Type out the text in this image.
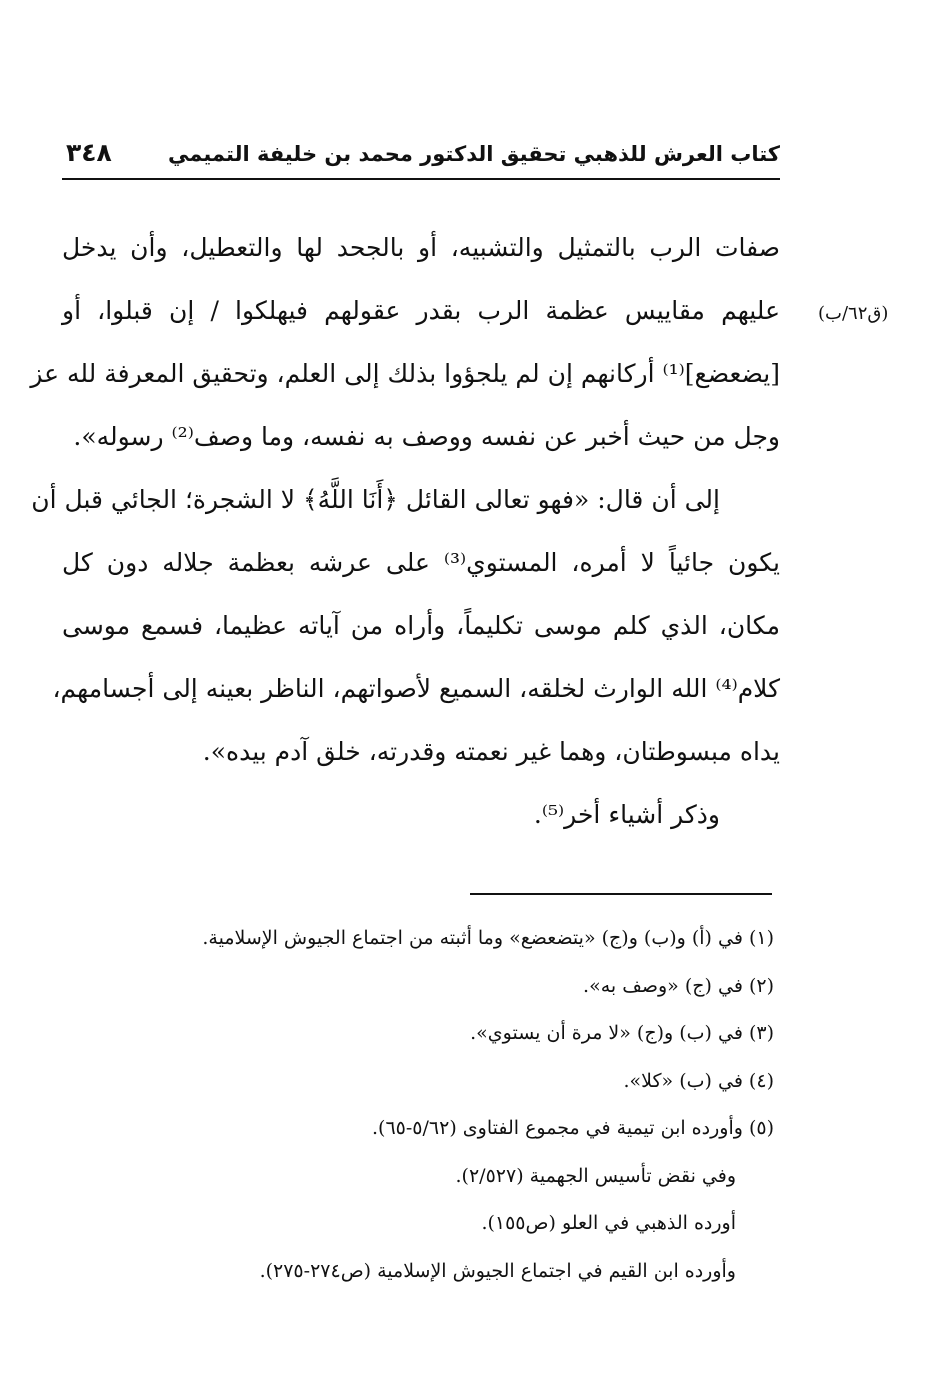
كتاب العرش للذهبي تحقيق الدكتور محمد بن خليفة التميمي
٣٤٨
(ق٦٢/ب)
صفات الرب بالتمثيل والتشبيه، أو بالجحد لها والتعطيل، وأن يدخل
عليهم مقاييس عظمة الرب بقدر عقولهم فيهلكوا / إن قبلوا، أو
[يضعضع]⁽¹⁾ أركانهم إن لم يلجؤوا بذلك إلى العلم، وتحقيق المعرفة لله عز
وجل من حيث أخبر عن نفسه ووصف به نفسه، وما وصف⁽²⁾ رسوله».
إلى أن قال: «فهو تعالى القائل ﴿أَنَا اللَّهُ﴾ لا الشجرة؛ الجائي قبل أن
يكون جائياً لا أمره، المستوي⁽³⁾ على عرشه بعظمة جلاله دون كل
مكان، الذي كلم موسى تكليماً، وأراه من آياته عظيما، فسمع موسى
كلام⁽⁴⁾ الله الوارث لخلقه، السميع لأصواتهم، الناظر بعينه إلى أجسامهم،
يداه مبسوطتان، وهما غير نعمته وقدرته، خلق آدم بيده».
وذكر أشياء أخر⁽⁵⁾.
(١) في (أ) و(ب) و(ج) «يتضعضع» وما أثبته من اجتماع الجيوش الإسلامية.
(٢) في (ج) «وصف به».
(٣) في (ب) و(ج) «لا مرة أن يستوي».
(٤) في (ب) «كلا».
(٥) وأورده ابن تيمية في مجموع الفتاوى (٥/٦٢-٦٥).
وفي نقض تأسيس الجهمية (٢/٥٢٧).
أورده الذهبي في العلو (ص١٥٥).
وأورده ابن القيم في اجتماع الجيوش الإسلامية (ص٢٧٤-٢٧٥).
